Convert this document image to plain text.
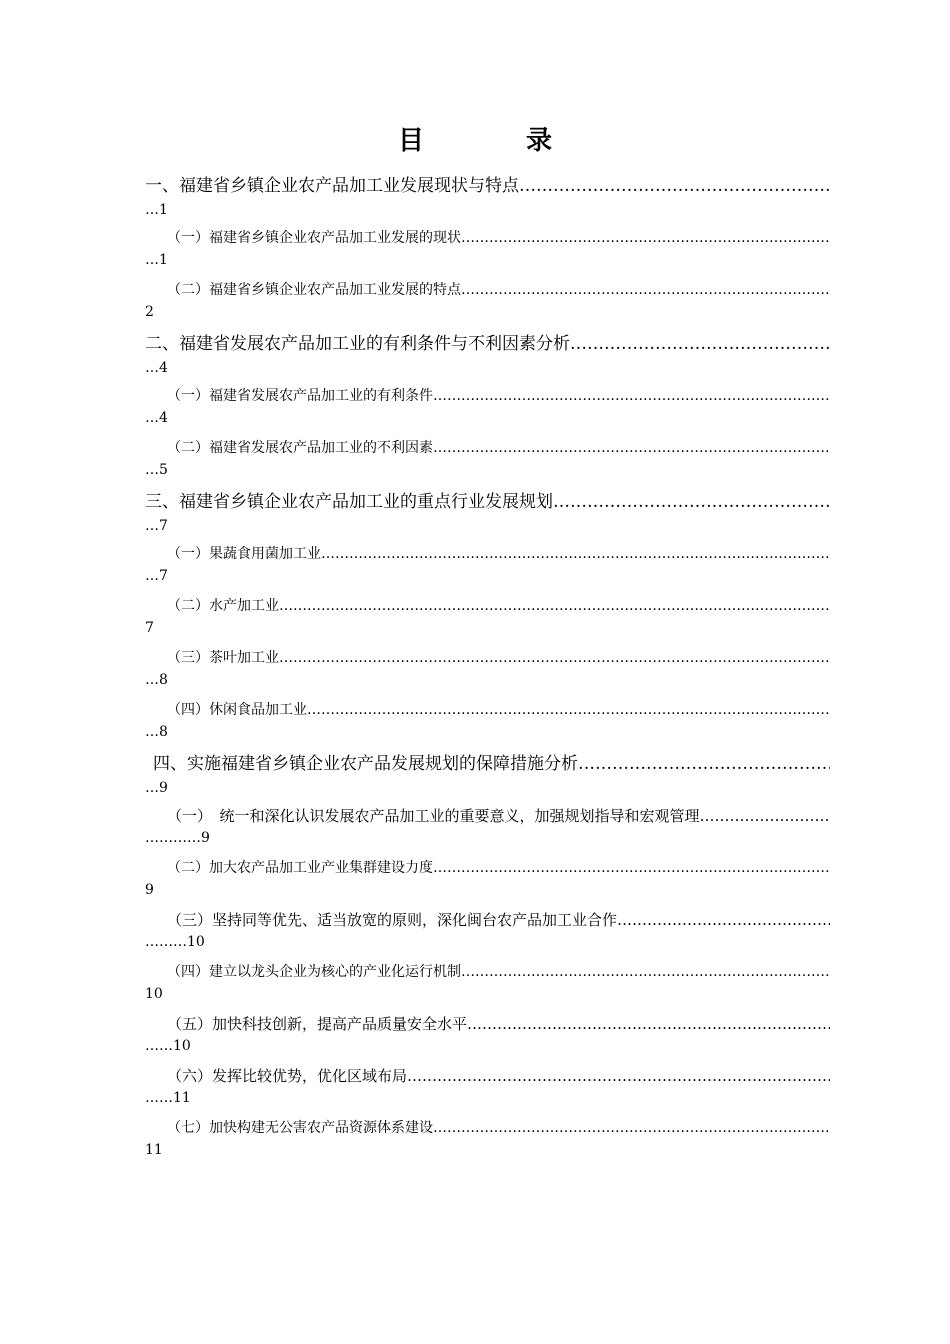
目　录
一、福建省乡镇企业农产品加工业发展现状与特点
…………………………………………………………………………………………………………………………………………………………………………
…1
（一）福建省乡镇企业农产品加工业发展的现状
…………………………………………………………………………………………………………………………………………………………………………
…1
（二）福建省乡镇企业农产品加工业发展的特点
…………………………………………………………………………………………………………………………………………………………………………
2
二、福建省发展农产品加工业的有利条件与不利因素分析
…………………………………………………………………………………………………………………………………………………………………………
…4
（一）福建省发展农产品加工业的有利条件
…………………………………………………………………………………………………………………………………………………………………………
…4
（二）福建省发展农产品加工业的不利因素
…………………………………………………………………………………………………………………………………………………………………………
…5
三、福建省乡镇企业农产品加工业的重点行业发展规划
…………………………………………………………………………………………………………………………………………………………………………
…7
（一）果蔬食用菌加工业
…………………………………………………………………………………………………………………………………………………………………………
…7
（二）水产加工业
…………………………………………………………………………………………………………………………………………………………………………
7
（三）茶叶加工业
…………………………………………………………………………………………………………………………………………………………………………
…8
（四）休闲食品加工业
…………………………………………………………………………………………………………………………………………………………………………
…8
四、实施福建省乡镇企业农产品发展规划的保障措施分析
…………………………………………………………………………………………………………………………………………………………………………
…9
（一）　统一和深化认识发展农产品加工业的重要意义，加强规划指导和宏观管理
…………………………………………………………………………………………………………………………………………………………………………
…………9
（二）加大农产品加工业产业集群建设力度
…………………………………………………………………………………………………………………………………………………………………………
9
（三）坚持同等优先、适当放宽的原则，深化闽台农产品加工业合作
…………………………………………………………………………………………………………………………………………………………………………
………10
（四）建立以龙头企业为核心的产业化运行机制
…………………………………………………………………………………………………………………………………………………………………………
10
（五）加快科技创新，提高产品质量安全水平
…………………………………………………………………………………………………………………………………………………………………………
……10
（六）发挥比较优势，优化区域布局
…………………………………………………………………………………………………………………………………………………………………………
……11
（七）加快构建无公害农产品资源体系建设
…………………………………………………………………………………………………………………………………………………………………………
11
